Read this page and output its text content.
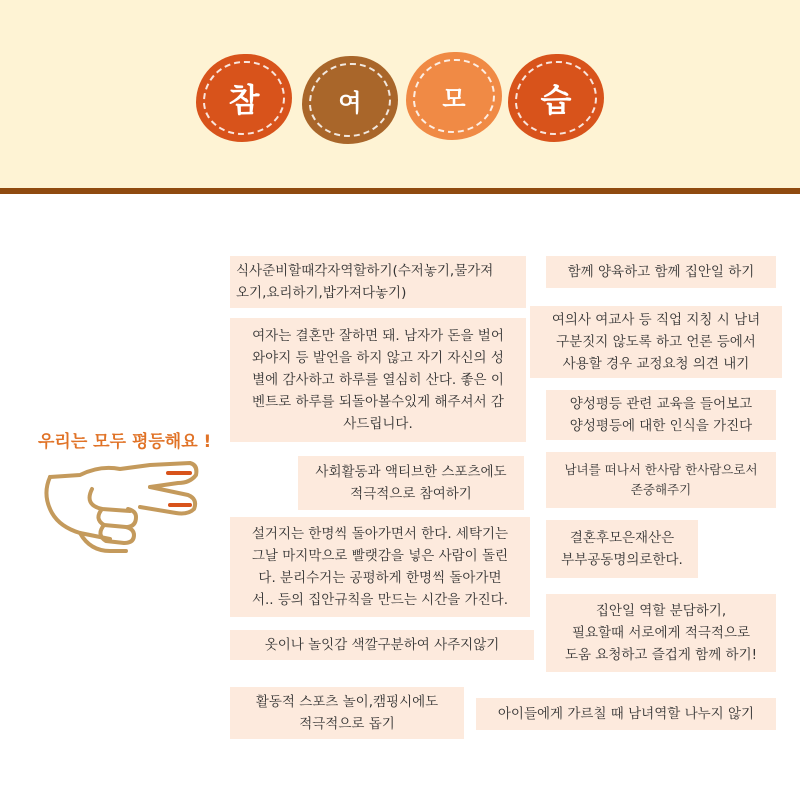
참	여	모 습
우리는 모두 평등해요 !
식사준비할때각자역할하기(수저놓기,물가져
오기,요리하기,밥가져다놓기)
여자는 결혼만 잘하면 돼. 남자가 돈을 벌어
와야지 등 발언을 하지 않고 자기 자신의 성
별에 감사하고 하루를 열심히 산다. 좋은 이
벤트로 하루를 되돌아볼수있게 해주셔서 감
사드립니다.
사회활동과 액티브한 스포츠에도
적극적으로 참여하기
설거지는 한명씩 돌아가면서 한다. 세탁기는
그날 마지막으로 빨랫감을 넣은 사람이 돌린
다. 분리수거는 공평하게 한명씩 돌아가면
서.. 등의 집안규칙을 만드는 시간을 가진다.
옷이나 놀잇감 색깔구분하여 사주지않기
활동적 스포츠 놀이,캠핑시에도
적극적으로 돕기
함께 양육하고 함께 집안일 하기
여의사 여교사 등 직업 지칭 시 남녀
구분짓지 않도록 하고 언론 등에서
사용할 경우 교정요청 의견 내기
양성평등 관련 교육을 들어보고
양성평등에 대한 인식을 가진다
남녀를 떠나서 한사람 한사람으로서
존중해주기
결혼후모은재산은
부부공동명의로한다.
집안일 역할 분담하기,
필요할때 서로에게 적극적으로
도움 요청하고 즐겁게 함께 하기!
아이들에게 가르칠 때 남녀역할 나누지 않기
